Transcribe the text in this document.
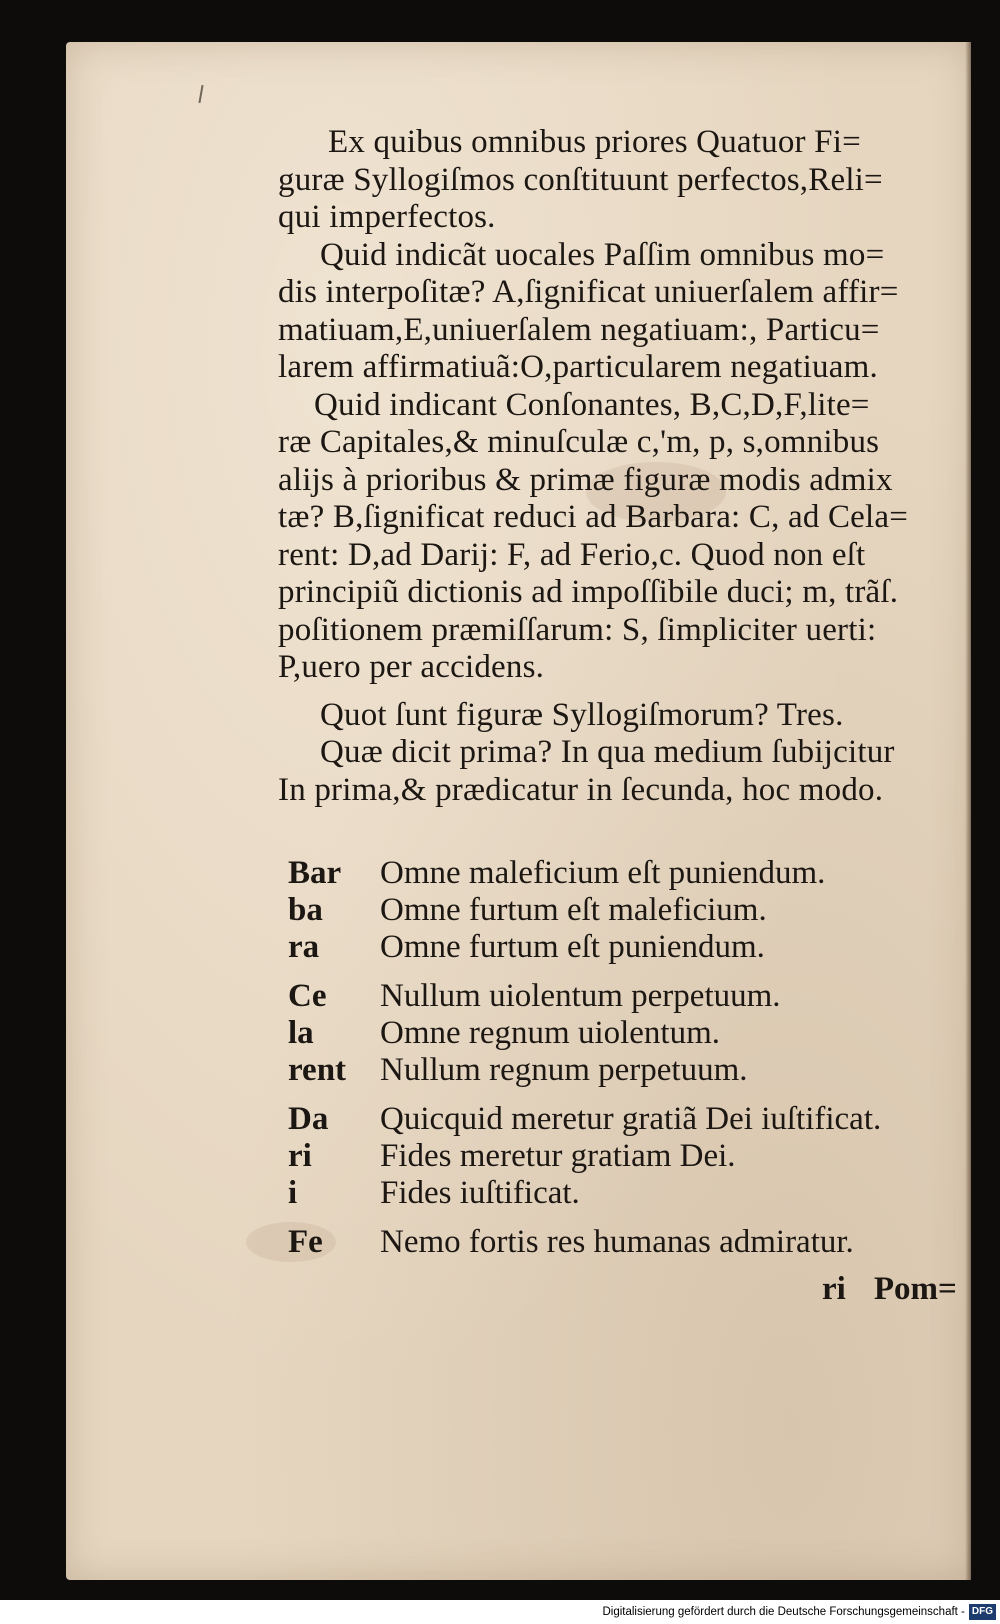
Ex quibus omnibus priores Quatuor Fi=
guræ Syllogiſmos conſtituunt perfectos,Reli=
qui imperfectos.
Quid indicãt uocales Paſſim omnibus mo=
dis interpoſitæ? A,ſignificat uniuerſalem affir=
matiuam,E,uniuerſalem negatiuam:, Particu=
larem affirmatiuã:O,particularem negatiuam.
Quid indicant Conſonantes, B,C,D,F,lite=
ræ Capitales,& minuſculæ c,'m, p, s,omnibus
alijs à prioribus & primæ figuræ modis admix
tæ? B,ſignificat reduci ad Barbara: C, ad Cela=
rent: D,ad Darij: F, ad Ferio,c. Quod non eſt
principiũ dictionis ad impoſſibile duci; m, trãſ.
poſitionem præmiſſarum: S, ſimpliciter uerti:
P,uero per accidens.
Quot ſunt figuræ Syllogiſmorum? Tres.
Quæ dicit prima? In qua medium ſubijcitur
In prima,& prædicatur in ſecunda, hoc modo.
Bar Omne maleficium eſt puniendum.
ba Omne furtum eſt maleficium.
ra Omne furtum eſt puniendum.
Ce Nullum uiolentum perpetuum.
la Omne regnum uiolentum.
rent Nullum regnum perpetuum.
Da Quicquid meretur gratiã Dei iuſtificat.
ri Fides meretur gratiam Dei.
i	Fides iuſtificat.
Fe Nemo fortis res humanas admiratur.
ri Pom=
Digitalisierung gefördert durch die Deutsche Forschungsgemeinschaft - DFG
